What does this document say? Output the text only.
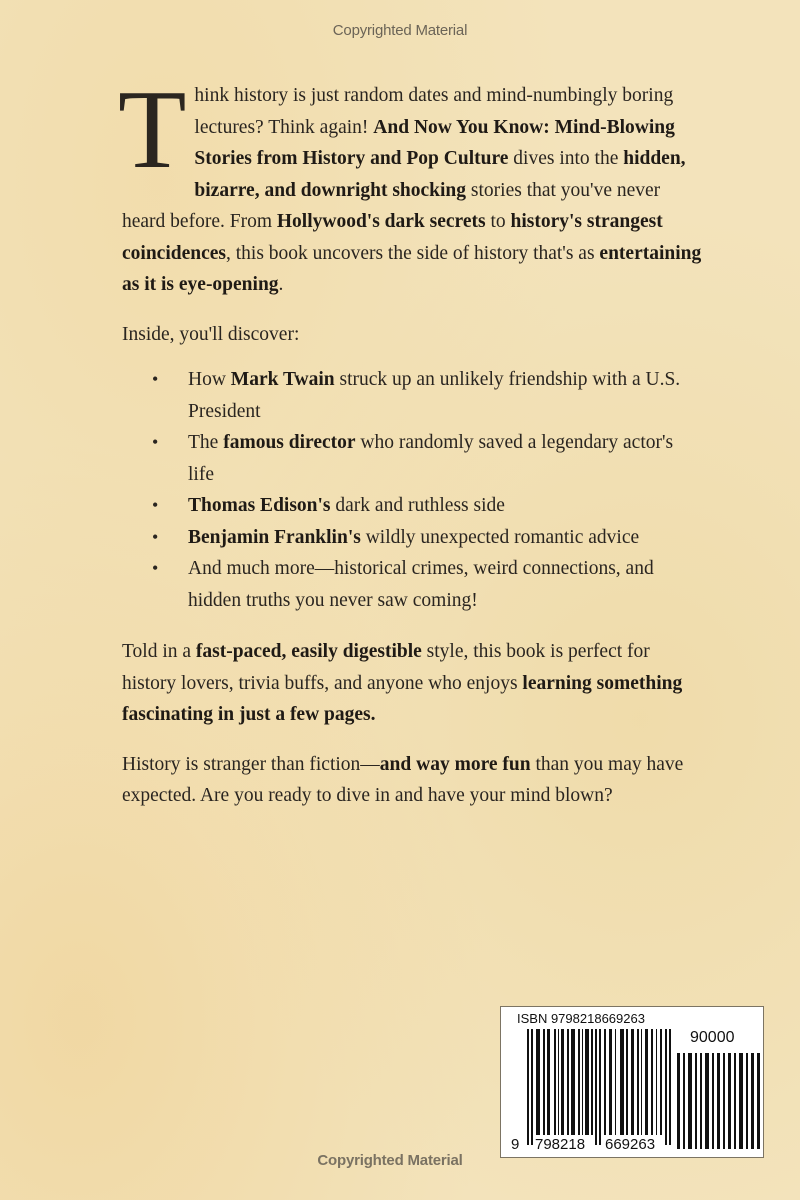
Copyrighted Material

Think history is just random dates and mind-numbingly boring lectures? Think again! And Now You Know: Mind-Blowing Stories from History and Pop Culture dives into the hidden, bizarre, and downright shocking stories that you've never heard before. From Hollywood's dark secrets to history's strangest coincidences, this book uncovers the side of history that's as entertaining as it is eye-opening.

Inside, you'll discover:

• How Mark Twain struck up an unlikely friendship with a U.S. President
• The famous director who randomly saved a legendary actor's life
• Thomas Edison's dark and ruthless side
• Benjamin Franklin's wildly unexpected romantic advice
• And much more—historical crimes, weird connections, and hidden truths you never saw coming!

Told in a fast-paced, easily digestible style, this book is perfect for history lovers, trivia buffs, and anyone who enjoys learning something fascinating in just a few pages.

History is stranger than fiction—and way more fun than you may have expected. Are you ready to dive in and have your mind blown?

ISBN 9798218669263
90000
9 798218 669263
Copyrighted Material
